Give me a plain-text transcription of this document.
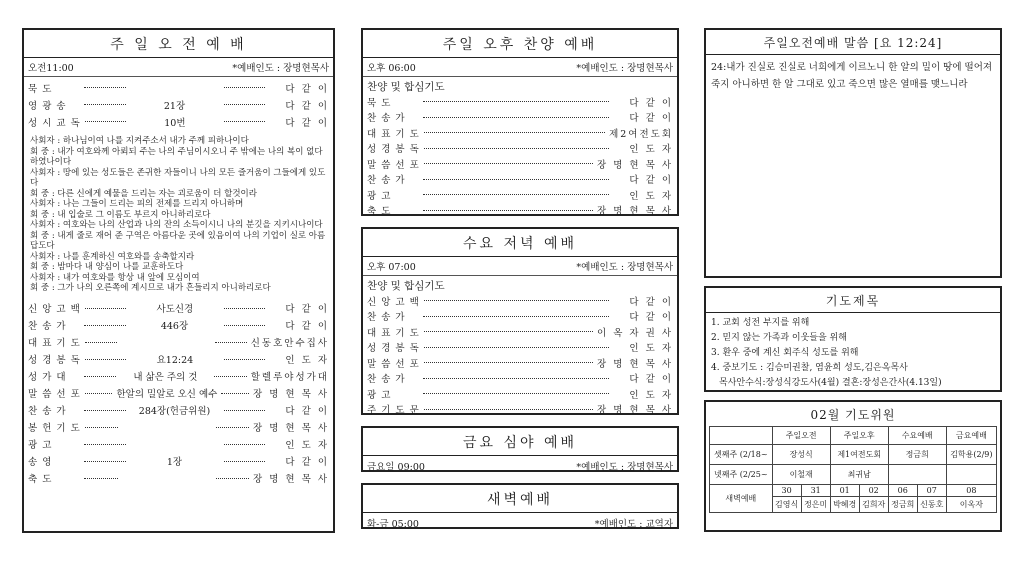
주 일 오 전 예 배
오전11:00	*예배인도 : 장명현목사
묵 도	다 같 이
영 광 송	21장	다 같 이
성 시 교 독	10번	다 같 이

사회자 : 하나님이여 나를 지켜주소서 내가 주께 피하나이다

회 중 : 내가 여호와께 아뢰되 주는 나의 주님이시오니 주 밖에는 나의 복이 없다 하였나이다

사회자 : 땅에 있는 성도들은 존귀한 자들이니 나의 모든 즐거움이 그들에게 있도다

회 중 : 다른 신에게 예물을 드리는 자는 괴로움이 더 할것이라

사회자 : 나는 그들이 드리는 피의 전제를 드리지 아니하며

회 중 : 내 입술로 그 이름도 부르지 아니하리로다

사회자 : 여호와는 나의 산업과 나의 잔의 소득이시니 나의 분깃을 지키시나이다

회 중 : 내게 줄로 재어 준 구역은 아름다운 곳에 있음이여 나의 기업이 실로 아름답도다

사회자 : 나를 훈계하신 여호와를 송축할지라

회 중 : 밤마다 내 양심이 나를 교훈하도다

사회자 : 내가 여호와를 항상 내 앞에 모심이여

회 중 : 그가 나의 오른쪽에 계시므로 내가 흔들리지 아니하리로다

신 앙 고 백	사도신경	다 같 이
찬 송 가	446장	다 같 이
대 표 기 도	신동호안수집사
성 경 봉 독	요12:24	인 도 자
성 가 대	내 삶은 주의 것	할렐루야성가대
말 씀 선 포	한알의 밀알로 오신 예수	장 명 현 목 사
찬 송 가	284장(헌금위원)	다 같 이
봉 헌 기 도	장 명 현 목 사
광 고	인 도 자
송 영	1장	다 같 이
축 도	장 명 현 목 사
주일 오후 찬양 예배
오후 06:00	*예배인도 : 장명현목사
찬양 및 합심기도
묵 도	다 같 이
찬 송 가	다 같 이
대 표 기 도	제2여전도회
성 경 봉 독	인 도 자
말 씀 선 포	장 명 현 목 사
찬 송 가	다 같 이
광 고	인 도 자
축 도	장 명 현 목 사
수요 저녁 예배
오후 07:00	*예배인도 : 장명현목사
찬양 및 합심기도
신 앙 고 백	다 같 이
찬 송 가	다 같 이
대 표 기 도	이 옥 자 권 사
성 경 봉 독	인 도 자
말 씀 선 포	장 명 현 목 사
찬 송 가	다 같 이
광 고	인 도 자
주 기 도 문	장 명 현 목 사
금요 심야 예배
금요일 09:00	*예배인도 : 장명현목사
새벽예배
화-금 05:00	*예배인도 : 교역자
주일오전예배 말씀 [요 12:24]
24:내가 진실로 진실로 너희에게 이르노니 한 알의 밀이 땅에 떨어져 죽지 아니하면 한 알 그대로 있고 죽으면 많은 열매를 맺느니라
기도제목
1. 교회 성전 부지를 위해
2. 믿지 않는 가족과 이웃들을 위해
3. 환우 중에 계신 회주식 성도를 위해
4. 중보기도 : 김승미권찰, 염윤희 성도,김은옥목사
목사안수식:장성식강도사(4월) 결혼:장성은간사(4.13일)
02월 기도위원
	주일오전		주일오후		수요예배		금요예배
셋째주 (2/18~	장성식		제1여전도회		정금희		김학용(2/9)
넷째주 (2/25~	이철재		최귀남				
새벽예배	30	31	01	02	06	07	08
	김영식	정은미	박혜경	김희자	정금희	신동호	이옥자
